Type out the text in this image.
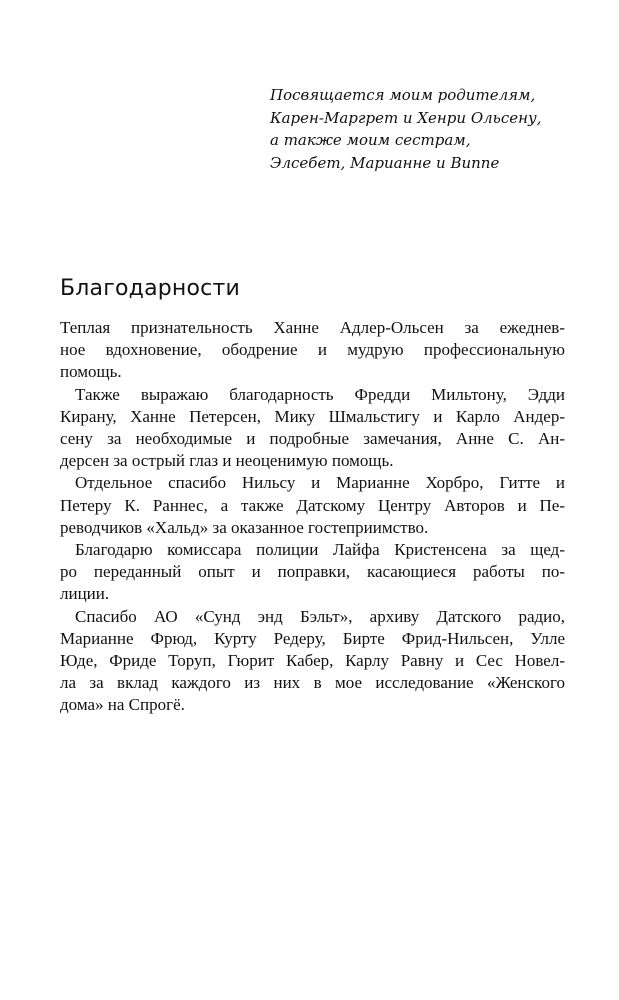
Посвящается моим родителям,
Карен-Маргрет и Хенри Ольсену,
а также моим сестрам,
Элсебет, Марианне и Виппе
Благодарности
Теплая признательность Ханне Адлер-Ольсен за ежеднев-
ное вдохновение, ободрение и мудрую профессиональную
помощь.
Также выражаю благодарность Фредди Мильтону, Эдди
Кирану, Ханне Петерсен, Мику Шмальстигу и Карло Андер-
сену за необходимые и подробные замечания, Анне С. Ан-
дерсен за острый глаз и неоценимую помощь.
Отдельное спасибо Нильсу и Марианне Хорбро, Гитте и
Петеру К. Раннес, а также Датскому Центру Авторов и Пе-
реводчиков «Хальд» за оказанное гостеприимство.
Благодарю комиссара полиции Лайфа Кристенсена за щед-
ро переданный опыт и поправки, касающиеся работы по-
лиции.
Спасибо АО «Сунд энд Бэльт», архиву Датского радио,
Марианне Фрюд, Курту Редеру, Бирте Фрид-Нильсен, Улле
Юде, Фриде Торуп, Гюрит Кабер, Карлу Равну и Сес Новел-
ла за вклад каждого из них в мое исследование «Женского
дома» на Спрогё.
